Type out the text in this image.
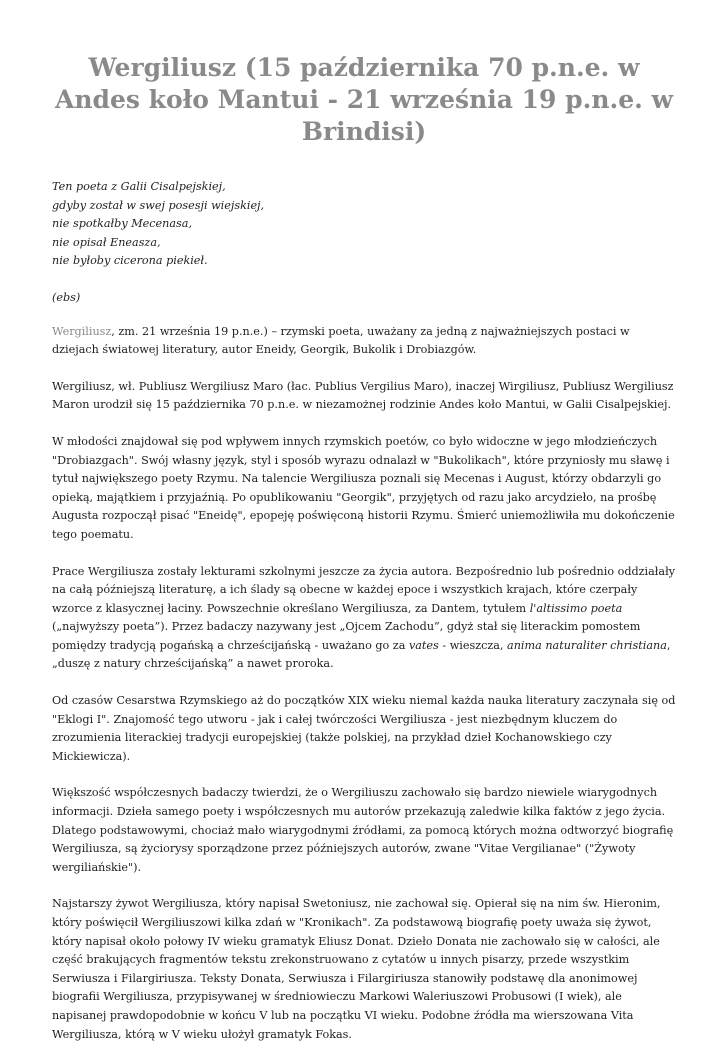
Wergiliusz (15 października 70 p.n.e. w Andes koło Mantui - 21 września 19 p.n.e. w Brindisi)
Ten poeta z Galii Cisalpejskiej,
gdyby został w swej posesji wiejskiej,
nie spotkałby Mecenasa,
nie opisał Eneasza,
nie byłoby cicerona piekieł.
(ebs)

Wergiliusz, zm. 21 września 19 p.n.e.) – rzymski poeta, uważany za jedną z najważniejszych postaci w dziejach światowej literatury, autor Eneidy, Georgik, Bukolik i Drobiazgów.

Wergiliusz, wł. Publiusz Wergiliusz Maro (łac. Publius Vergilius Maro), inaczej Wirgiliusz, Publiusz Wergiliusz Maron urodził się 15 października 70 p.n.e. w niezamożnej rodzinie Andes koło Mantui, w Galii Cisalpejskiej.

W młodości znajdował się pod wpływem innych rzymskich poetów, co było widoczne w jego młodzieńczych "Drobiazgach". Swój własny język, styl i sposób wyrazu odnalazł w "Bukolikach", które przyniosły mu sławę i tytuł największego poety Rzymu. Na talencie Wergiliusza poznali się Mecenas i August, którzy obdarzyli go opieką, majątkiem i przyjaźnią. Po opublikowaniu "Georgik", przyjętych od razu jako arcydzieło, na prośbę Augusta rozpoczął pisać "Eneidę", epopeję poświęconą historii Rzymu. Śmierć uniemożliwiła mu dokończenie tego poematu.

Prace Wergiliusza zostały lekturami szkolnymi jeszcze za życia autora. Bezpośrednio lub pośrednio oddziałały na całą późniejszą literaturę, a ich ślady są obecne w każdej epoce i wszystkich krajach, które czerpały wzorce z klasycznej łaciny. Powszechnie określano Wergiliusza, za Dantem, tytułem l'altissimo poeta („najwyższy poeta”). Przez badaczy nazywany jest „Ojcem Zachodu”, gdyż stał się literackim pomostem pomiędzy tradycją pogańską a chrześcijańską - uważano go za vates - wieszcza, anima naturaliter christiana, „duszę z natury chrześcijańską” a nawet proroka.

Od czasów Cesarstwa Rzymskiego aż do początków XIX wieku niemal każda nauka literatury zaczynała się od "Eklogi I". Znajomość tego utworu - jak i całej twórczości Wergiliusza - jest niezbędnym kluczem do zrozumienia literackiej tradycji europejskiej (także polskiej, na przykład dzieł Kochanowskiego czy Mickiewicza).

Większość współczesnych badaczy twierdzi, że o Wergiliuszu zachowało się bardzo niewiele wiarygodnych informacji. Dzieła samego poety i współczesnych mu autorów przekazują zaledwie kilka faktów z jego życia. Dlatego podstawowymi, chociaż mało wiarygodnymi źródłami, za pomocą których można odtworzyć biografię Wergiliusza, są życiorysy sporządzone przez późniejszych autorów, zwane "Vitae Vergilianae" ("Żywoty wergiliańskie").

Najstarszy żywot Wergiliusza, który napisał Swetoniusz, nie zachował się. Opierał się na nim św. Hieronim, który poświęcił Wergiliuszowi kilka zdań w "Kronikach". Za podstawową biografię poety uważa się żywot, który napisał około połowy IV wieku gramatyk Eliusz Donat. Dzieło Donata nie zachowało się w całości, ale część brakujących fragmentów tekstu zrekonstruowano z cytatów u innych pisarzy, przede wszystkim Serwiusza i Filargiriusza. Teksty Donata, Serwiusza i Filargiriusza stanowiły podstawę dla anonimowej biografii Wergiliusza, przypisywanej w średniowieczu Markowi Waleriuszowi Probusowi (I wiek), ale napisanej prawdopodobnie w końcu V lub na początku VI wieku. Podobne źródła ma wierszowana Vita Wergiliusza, którą w V wieku ułożył gramatyk Fokas.
